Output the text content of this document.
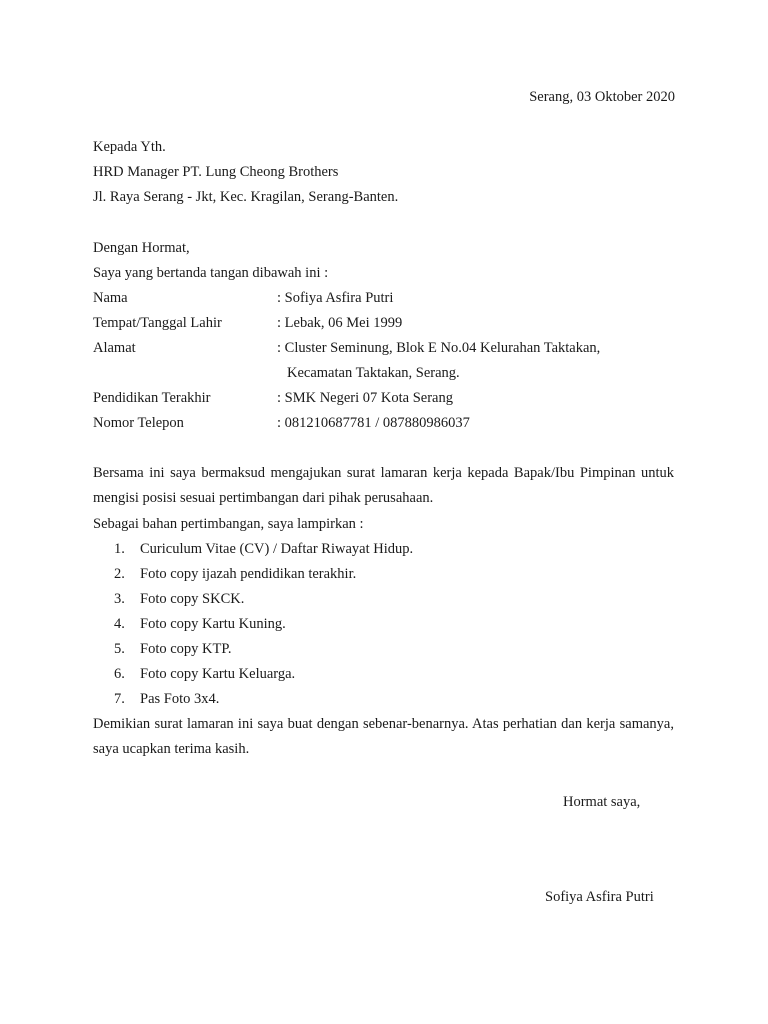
Serang, 03 Oktober 2020
Kepada Yth.
HRD Manager PT. Lung Cheong Brothers
Jl. Raya Serang - Jkt, Kec. Kragilan, Serang-Banten.
Dengan Hormat,
Saya yang bertanda tangan dibawah ini :
Nama	: Sofiya Asfira Putri
Tempat/Tanggal Lahir	: Lebak, 06 Mei 1999
Alamat	: Cluster Seminung, Blok E No.04 Kelurahan Taktakan,
Kecamatan Taktakan, Serang.
Pendidikan Terakhir	: SMK Negeri 07 Kota Serang
Nomor Telepon	: 081210687781 / 087880986037
Bersama ini saya bermaksud mengajukan surat lamaran kerja kepada Bapak/Ibu Pimpinan untuk mengisi posisi sesuai pertimbangan dari pihak perusahaan.
Sebagai bahan pertimbangan, saya lampirkan :
1. Curiculum Vitae (CV) / Daftar Riwayat Hidup.
2. Foto copy ijazah pendidikan terakhir.
3. Foto copy SKCK.
4. Foto copy Kartu Kuning.
5. Foto copy KTP.
6. Foto copy Kartu Keluarga.
7. Pas Foto 3x4.
Demikian surat lamaran ini saya buat dengan sebenar-benarnya. Atas perhatian dan kerja samanya, saya ucapkan terima kasih.
Hormat saya,
Sofiya Asfira Putri
